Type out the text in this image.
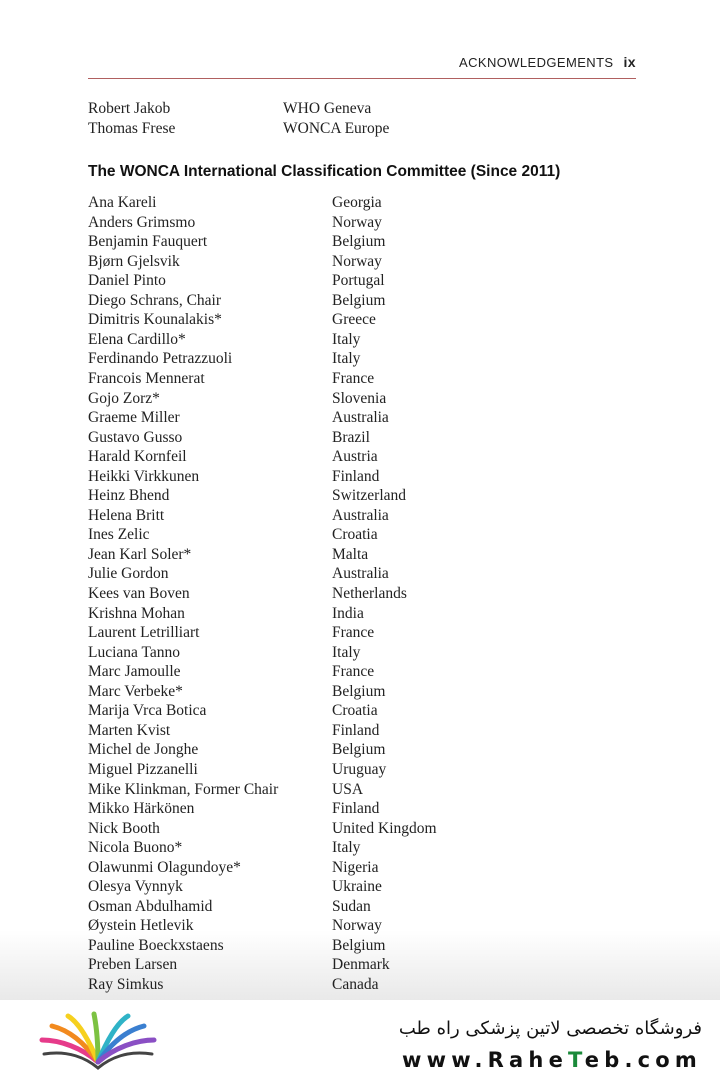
ACKNOWLEDGEMENTS ix
Robert Jakob	WHO Geneva
Thomas Frese	WONCA Europe
The WONCA International Classification Committee (Since 2011)
Ana Kareli	Georgia
Anders Grimsmo	Norway
Benjamin Fauquert	Belgium
Bjørn Gjelsvik	Norway
Daniel Pinto	Portugal
Diego Schrans, Chair	Belgium
Dimitris Kounalakis*	Greece
Elena Cardillo*	Italy
Ferdinando Petrazzuoli	Italy
Francois Mennerat	France
Gojo Zorz*	Slovenia
Graeme Miller	Australia
Gustavo Gusso	Brazil
Harald Kornfeil	Austria
Heikki Virkkunen	Finland
Heinz Bhend	Switzerland
Helena Britt	Australia
Ines Zelic	Croatia
Jean Karl Soler*	Malta
Julie Gordon	Australia
Kees van Boven	Netherlands
Krishna Mohan	India
Laurent Letrilliart	France
Luciana Tanno	Italy
Marc Jamoulle	France
Marc Verbeke*	Belgium
Marija Vrca Botica	Croatia
Marten Kvist	Finland
Michel de Jonghe	Belgium
Miguel Pizzanelli	Uruguay
Mike Klinkman, Former Chair	USA
Mikko Härkönen	Finland
Nick Booth	United Kingdom
Nicola Buono*	Italy
Olawunmi Olagundoye*	Nigeria
Olesya Vynnyk	Ukraine
Osman Abdulhamid	Sudan
Øystein Hetlevik	Norway
Pauline Boeckxstaens	Belgium
Preben Larsen	Denmark
Ray Simkus	Canada
فروشگاه تخصصی لاتین پزشکی راه طب
www.RaheTeb.com
